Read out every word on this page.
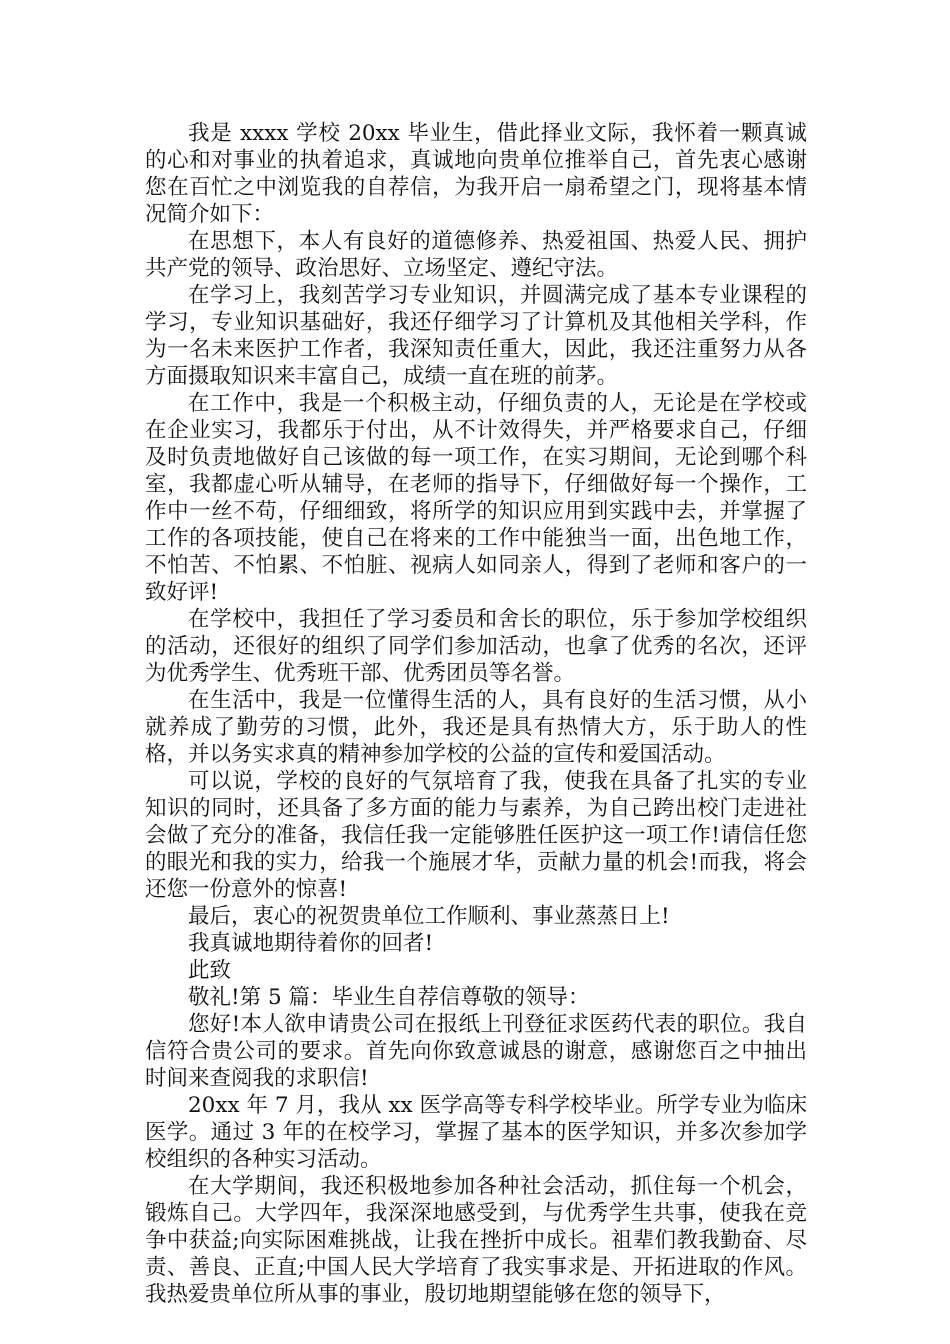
我是 xxxx 学校 20xx 毕业生，借此择业文际，我怀着一颗真诚的心和对事业的执着追求，真诚地向贵单位推举自己，首先衷心感谢您在百忙之中浏览我的自荐信，为我开启一扇希望之门，现将基本情况简介如下：

在思想下，本人有良好的道德修养、热爱祖国、热爱人民、拥护共产党的领导、政治思好、立场坚定、遵纪守法。

在学习上，我刻苦学习专业知识，并圆满完成了基本专业课程的学习，专业知识基础好，我还仔细学习了计算机及其他相关学科，作为一名未来医护工作者，我深知责任重大，因此，我还注重努力从各方面摄取知识来丰富自己，成绩一直在班的前茅。

在工作中，我是一个积极主动，仔细负责的人，无论是在学校或在企业实习，我都乐于付出，从不计效得失，并严格要求自己，仔细及时负责地做好自己该做的每一项工作，在实习期间，无论到哪个科室，我都虚心听从辅导，在老师的指导下，仔细做好每一个操作，工作中一丝不苟，仔细细致，将所学的知识应用到实践中去，并掌握了工作的各项技能，使自己在将来的工作中能独当一面，出色地工作，不怕苦、不怕累、不怕脏、视病人如同亲人，得到了老师和客户的一致好评!

在学校中，我担任了学习委员和舍长的职位，乐于参加学校组织的活动，还很好的组织了同学们参加活动，也拿了优秀的名次，还评为优秀学生、优秀班干部、优秀团员等名誉。

在生活中，我是一位懂得生活的人，具有良好的生活习惯，从小就养成了勤劳的习惯，此外，我还是具有热情大方，乐于助人的性格，并以务实求真的精神参加学校的公益的宣传和爱国活动。

可以说，学校的良好的气氛培育了我，使我在具备了扎实的专业知识的同时，还具备了多方面的能力与素养，为自己跨出校门走进社会做了充分的准备，我信任我一定能够胜任医护这一项工作!请信任您的眼光和我的实力，给我一个施展才华，贡献力量的机会!而我，将会还您一份意外的惊喜!

最后，衷心的祝贺贵单位工作顺利、事业蒸蒸日上!

我真诚地期待着你的回者!

此致

敬礼!第 5 篇：毕业生自荐信尊敬的领导：

您好!本人欲申请贵公司在报纸上刊登征求医药代表的职位。我自信符合贵公司的要求。首先向你致意诚恳的谢意，感谢您百之中抽出时间来查阅我的求职信!

20xx 年 7 月，我从 xx 医学高等专科学校毕业。所学专业为临床医学。通过 3 年的在校学习，掌握了基本的医学知识，并多次参加学校组织的各种实习活动。

在大学期间，我还积极地参加各种社会活动，抓住每一个机会，锻炼自己。大学四年，我深深地感受到，与优秀学生共事，使我在竞争中获益;向实际困难挑战，让我在挫折中成长。祖辈们教我勤奋、尽责、善良、正直;中国人民大学培育了我实事求是、开拓进取的作风。 我热爱贵单位所从事的事业，殷切地期望能够在您的领导下，
